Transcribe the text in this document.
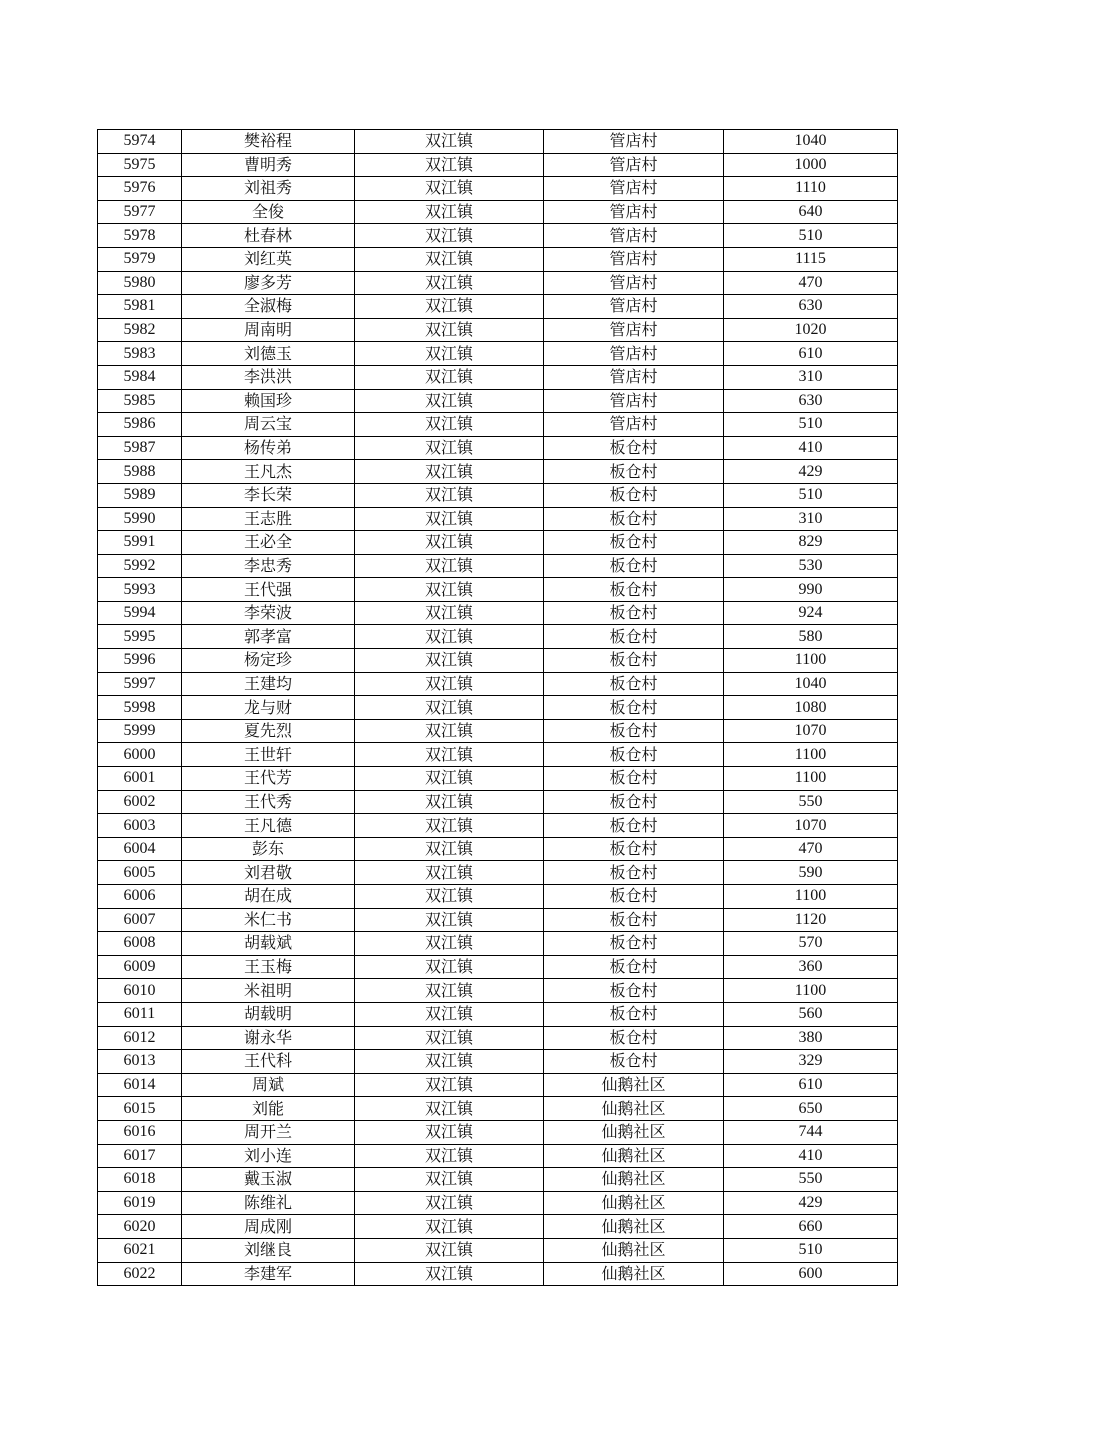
5974	樊裕程	双江镇	管店村	1040
5975	曹明秀	双江镇	管店村	1000
5976	刘祖秀	双江镇	管店村	1110
5977	全俊	双江镇	管店村	640
5978	杜春林	双江镇	管店村	510
5979	刘红英	双江镇	管店村	1115
5980	廖多芳	双江镇	管店村	470
5981	全淑梅	双江镇	管店村	630
5982	周南明	双江镇	管店村	1020
5983	刘德玉	双江镇	管店村	610
5984	李洪洪	双江镇	管店村	310
5985	赖国珍	双江镇	管店村	630
5986	周云宝	双江镇	管店村	510
5987	杨传弟	双江镇	板仓村	410
5988	王凡杰	双江镇	板仓村	429
5989	李长荣	双江镇	板仓村	510
5990	王志胜	双江镇	板仓村	310
5991	王必全	双江镇	板仓村	829
5992	李忠秀	双江镇	板仓村	530
5993	王代强	双江镇	板仓村	990
5994	李荣波	双江镇	板仓村	924
5995	郭孝富	双江镇	板仓村	580
5996	杨定珍	双江镇	板仓村	1100
5997	王建均	双江镇	板仓村	1040
5998	龙与财	双江镇	板仓村	1080
5999	夏先烈	双江镇	板仓村	1070
6000	王世轩	双江镇	板仓村	1100
6001	王代芳	双江镇	板仓村	1100
6002	王代秀	双江镇	板仓村	550
6003	王凡德	双江镇	板仓村	1070
6004	彭东	双江镇	板仓村	470
6005	刘君敬	双江镇	板仓村	590
6006	胡在成	双江镇	板仓村	1100
6007	米仁书	双江镇	板仓村	1120
6008	胡载斌	双江镇	板仓村	570
6009	王玉梅	双江镇	板仓村	360
6010	米祖明	双江镇	板仓村	1100
6011	胡载明	双江镇	板仓村	560
6012	谢永华	双江镇	板仓村	380
6013	王代科	双江镇	板仓村	329
6014	周斌	双江镇	仙鹅社区	610
6015	刘能	双江镇	仙鹅社区	650
6016	周开兰	双江镇	仙鹅社区	744
6017	刘小连	双江镇	仙鹅社区	410
6018	戴玉淑	双江镇	仙鹅社区	550
6019	陈维礼	双江镇	仙鹅社区	429
6020	周成刚	双江镇	仙鹅社区	660
6021	刘继良	双江镇	仙鹅社区	510
6022	李建军	双江镇	仙鹅社区	600
